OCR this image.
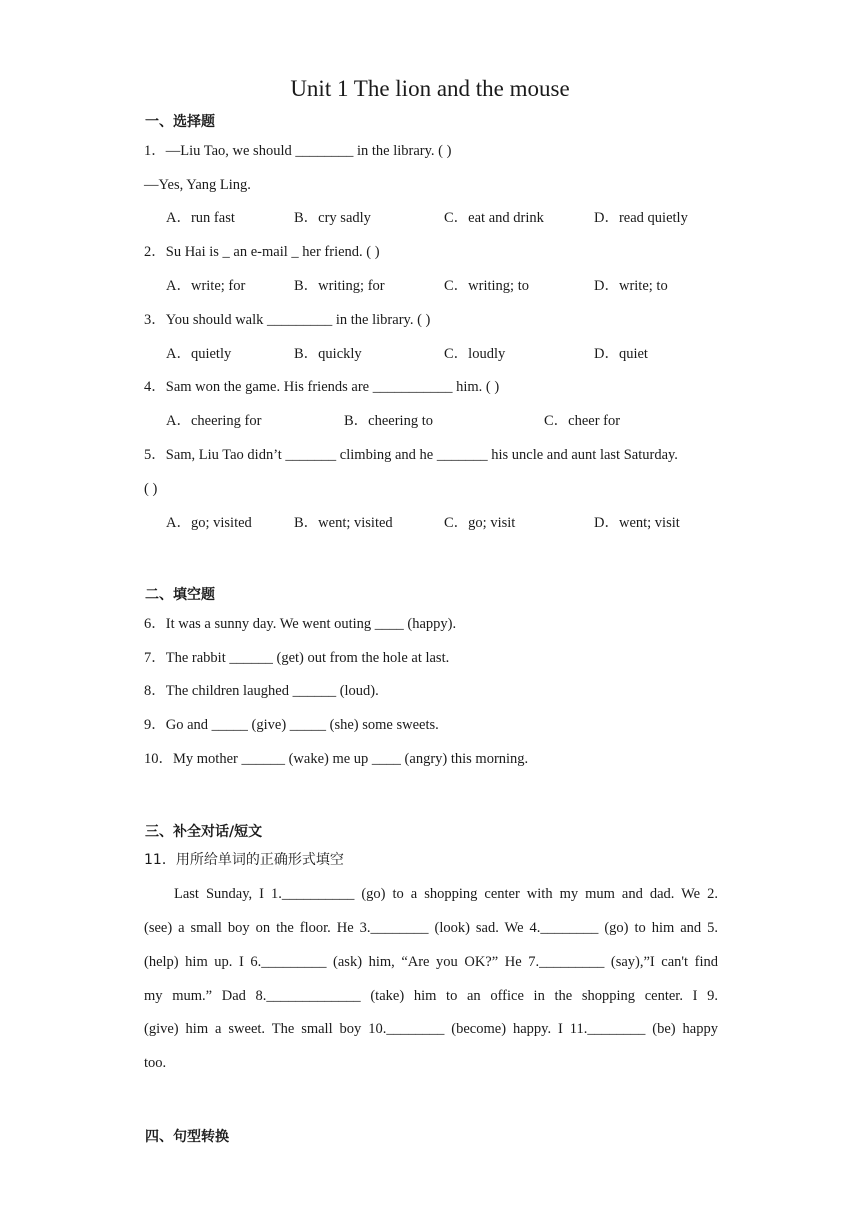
Unit 1 The lion and the mouse
一、选择题
1．—Liu Tao, we should ________ in the library. ( )
—Yes, Yang Ling.
A．run fast	B．cry sadly	C．eat and drink	D．read quietly
2．Su Hai is _ an e-mail _ her friend. ( )
A．write; for	B．writing; for	C．writing; to	D．write; to
3．You should walk _________ in the library. ( )
A．quietly	B．quickly	C．loudly	D．quiet
4．Sam won the game. His friends are ___________ him. ( )
A．cheering for	B．cheering to	C．cheer for
5．Sam, Liu Tao didn’t _______ climbing and he _______ his uncle and aunt last Saturday.
( )
A．go; visited	B．went; visited	C．go; visit	D．went; visit
二、填空题
6．It was a sunny day. We went outing ____ (happy).
7．The rabbit ______ (get) out from the hole at last.
8．The children laughed ______ (loud).
9．Go and _____ (give) _____ (she) some sweets.
10．My mother ______ (wake) me up ____ (angry) this morning.
三、补全对话/短文
11．用所给单词的正确形式填空
Last Sunday, I 1.__________ (go) to a shopping center with my mum and dad. We 2.
(see) a small boy on the floor. He 3.________ (look) sad. We 4.________ (go) to him and 5.
(help) him up. I 6._________ (ask) him, “Are you OK?” He 7._________ (say),”I can't find
my mum.” Dad 8._____________ (take) him to an office in the shopping center. I 9.
(give) him a sweet. The small boy 10.________ (become) happy. I 11.________ (be) happy
too.
四、句型转换
